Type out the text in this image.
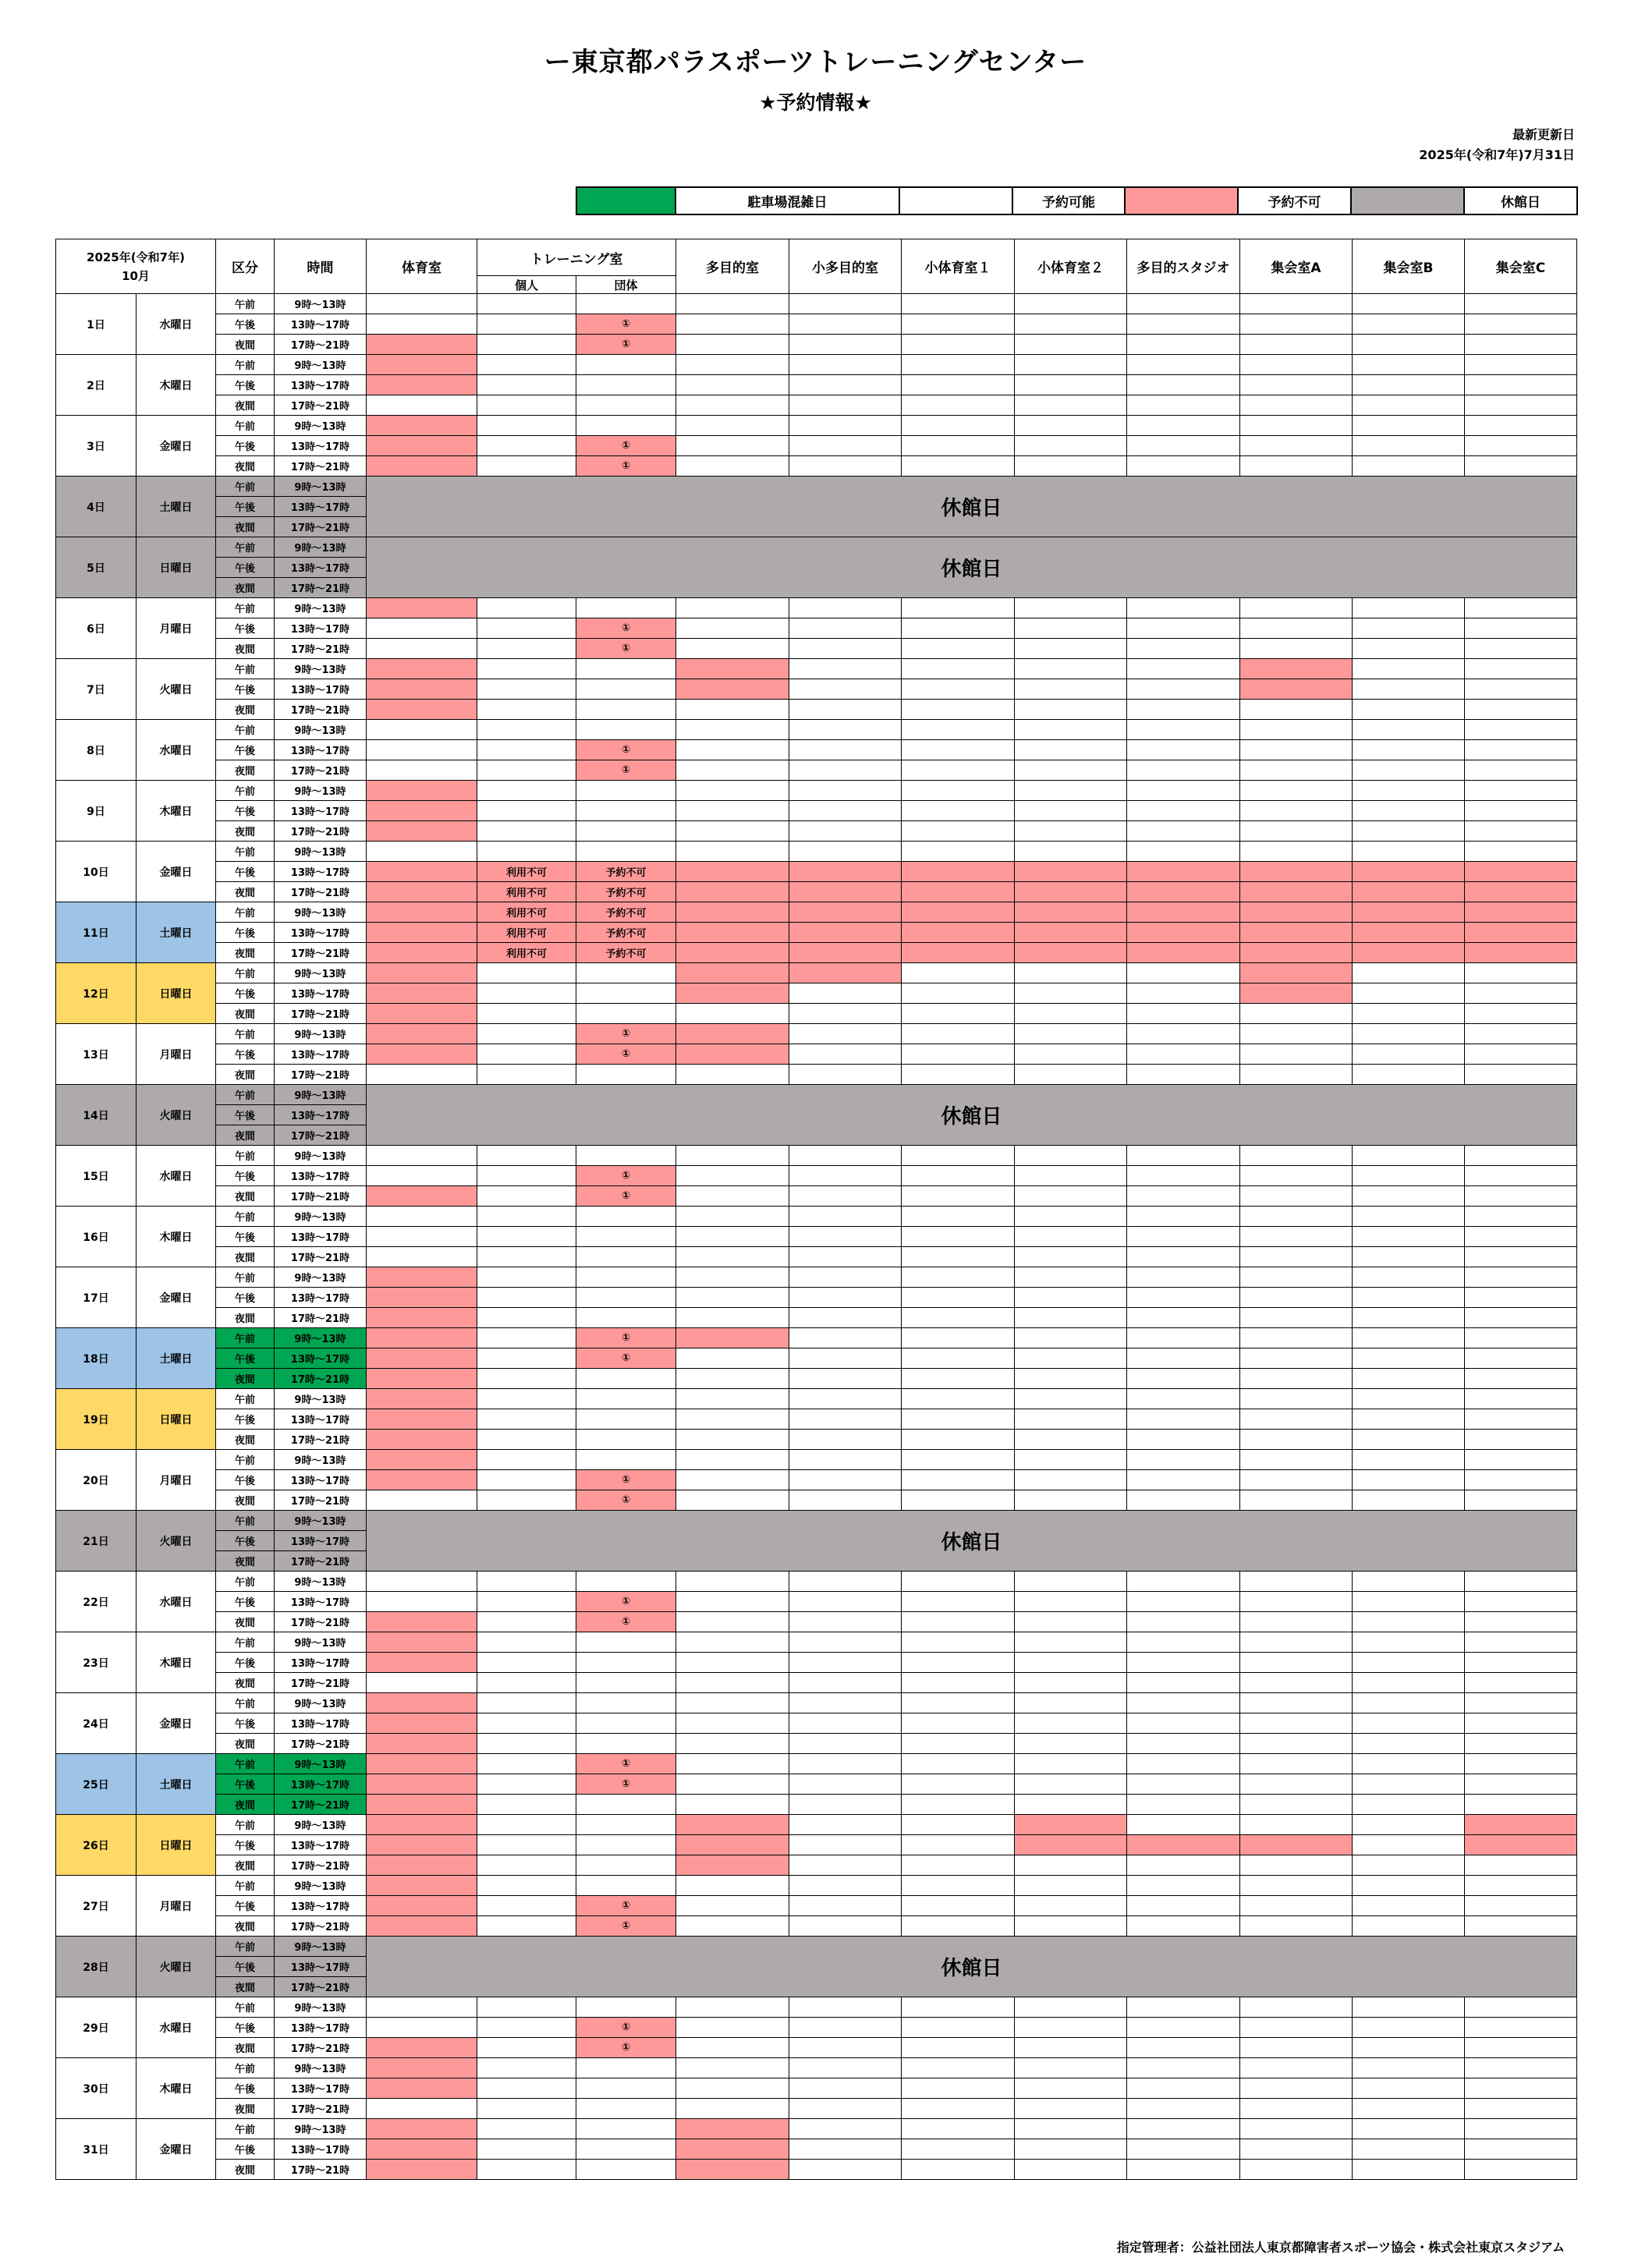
ー東京都パラスポーツトレーニングセンター
★予約情報★
最新更新日
2025年(令和7年)7月31日
	駐車場混雑日		予約可能		予約不可		休館日
2025年(令和7年)
10月		区分	時間	体育室	トレーニング室		多目的室	小多目的室	小体育室１	小体育室２	多目的スタジオ	集会室A	集会室B	集会室C
					個人	団体								
1日	水曜日	午前	9時～13時											
		午後	13時～17時			①								
		夜間	17時～21時			①								
2日	木曜日	午前	9時～13時											
		午後	13時～17時											
		夜間	17時～21時											
3日	金曜日	午前	9時～13時											
		午後	13時～17時			①								
		夜間	17時～21時			①								
4日	土曜日	午前	9時～13時	休館日										
		午後	13時～17時											
		夜間	17時～21時											
5日	日曜日	午前	9時～13時	休館日										
		午後	13時～17時											
		夜間	17時～21時											
6日	月曜日	午前	9時～13時											
		午後	13時～17時			①								
		夜間	17時～21時			①								
7日	火曜日	午前	9時～13時											
		午後	13時～17時											
		夜間	17時～21時											
8日	水曜日	午前	9時～13時											
		午後	13時～17時			①								
		夜間	17時～21時			①								
9日	木曜日	午前	9時～13時											
		午後	13時～17時											
		夜間	17時～21時											
10日	金曜日	午前	9時～13時											
		午後	13時～17時		利用不可	予約不可								
		夜間	17時～21時		利用不可	予約不可								
11日	土曜日	午前	9時～13時		利用不可	予約不可								
		午後	13時～17時		利用不可	予約不可								
		夜間	17時～21時		利用不可	予約不可								
12日	日曜日	午前	9時～13時											
		午後	13時～17時											
		夜間	17時～21時											
13日	月曜日	午前	9時～13時			①								
		午後	13時～17時			①								
		夜間	17時～21時											
14日	火曜日	午前	9時～13時	休館日										
		午後	13時～17時											
		夜間	17時～21時											
15日	水曜日	午前	9時～13時											
		午後	13時～17時			①								
		夜間	17時～21時			①								
16日	木曜日	午前	9時～13時											
		午後	13時～17時											
		夜間	17時～21時											
17日	金曜日	午前	9時～13時											
		午後	13時～17時											
		夜間	17時～21時											
18日	土曜日	午前	9時～13時			①								
		午後	13時～17時			①								
		夜間	17時～21時											
19日	日曜日	午前	9時～13時											
		午後	13時～17時											
		夜間	17時～21時											
20日	月曜日	午前	9時～13時											
		午後	13時～17時			①								
		夜間	17時～21時			①								
21日	火曜日	午前	9時～13時	休館日										
		午後	13時～17時											
		夜間	17時～21時											
22日	水曜日	午前	9時～13時											
		午後	13時～17時			①								
		夜間	17時～21時			①								
23日	木曜日	午前	9時～13時											
		午後	13時～17時											
		夜間	17時～21時											
24日	金曜日	午前	9時～13時											
		午後	13時～17時											
		夜間	17時～21時											
25日	土曜日	午前	9時～13時			①								
		午後	13時～17時			①								
		夜間	17時～21時											
26日	日曜日	午前	9時～13時											
		午後	13時～17時											
		夜間	17時～21時											
27日	月曜日	午前	9時～13時											
		午後	13時～17時			①								
		夜間	17時～21時			①								
28日	火曜日	午前	9時～13時	休館日										
		午後	13時～17時											
		夜間	17時～21時											
29日	水曜日	午前	9時～13時											
		午後	13時～17時			①								
		夜間	17時～21時			①								
30日	木曜日	午前	9時～13時											
		午後	13時～17時											
		夜間	17時～21時											
31日	金曜日	午前	9時～13時											
		午後	13時～17時											
		夜間	17時～21時											
指定管理者：公益社団法人東京都障害者スポーツ協会・株式会社東京スタジアム
